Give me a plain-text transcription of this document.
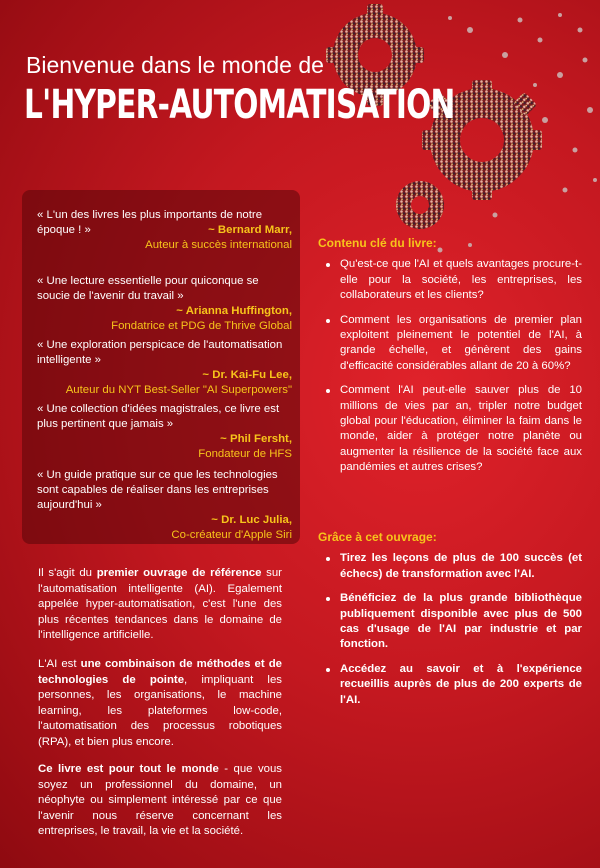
Bienvenue dans le monde de
L'HYPER-AUTOMATISATION
« L'un des livres les plus importants de notre époque ! »	~ Bernard Marr,
Auteur à succès international
« Une lecture essentielle pour quiconque se soucie de l'avenir du travail »
~ Arianna Huffington,
Fondatrice et PDG de Thrive Global
« Une exploration perspicace de l'automatisation intelligente »
~ Dr. Kai-Fu Lee,
Auteur du NYT Best-Seller "AI Superpowers"
« Une collection d'idées magistrales, ce livre est plus pertinent que jamais »
~ Phil Fersht,
Fondateur de HFS
« Un guide pratique sur ce que les technologies sont capables de réaliser dans les entreprises aujourd'hui »
~ Dr. Luc Julia,
Co-créateur d'Apple Siri
Contenu clé du livre:
Qu'est-ce que l'AI et quels avantages procure-t-elle pour la société, les entreprises, les collaborateurs et les clients?
Comment les organisations de premier plan exploitent pleinement le potentiel de l'AI, à grande échelle, et génèrent des gains d'efficacité considérables allant de 20 à 60%?
Comment l'AI peut-elle sauver plus de 10 millions de vies par an, tripler notre budget global pour l'éducation, éliminer la faim dans le monde, aider à protéger notre planète ou augmenter la résilience de la société face aux pandémies et autres crises?
Grâce à cet ouvrage:
Tirez les leçons de plus de 100 succès (et échecs) de transformation avec l'AI.
Bénéficiez de la plus grande bibliothèque publiquement disponible avec plus de 500 cas d'usage de l'AI par industrie et par fonction.
Accédez au savoir et à l'expérience recueillis auprès de plus de 200 experts de l'AI.
Il s'agit du premier ouvrage de référence sur l'automatisation intelligente (AI). Egalement appelée hyper-automatisation, c'est l'une des plus récentes tendances dans le domaine de l'intelligence artificielle.
L'AI est une combinaison de méthodes et de technologies de pointe, impliquant les personnes, les organisations, le machine learning, les plateformes low-code, l'automatisation des processus robotiques (RPA), et bien plus encore.
Ce livre est pour tout le monde - que vous soyez un professionnel du domaine, un néophyte ou simplement intéressé par ce que l'avenir nous réserve concernant les entreprises, le travail, la vie et la société.
